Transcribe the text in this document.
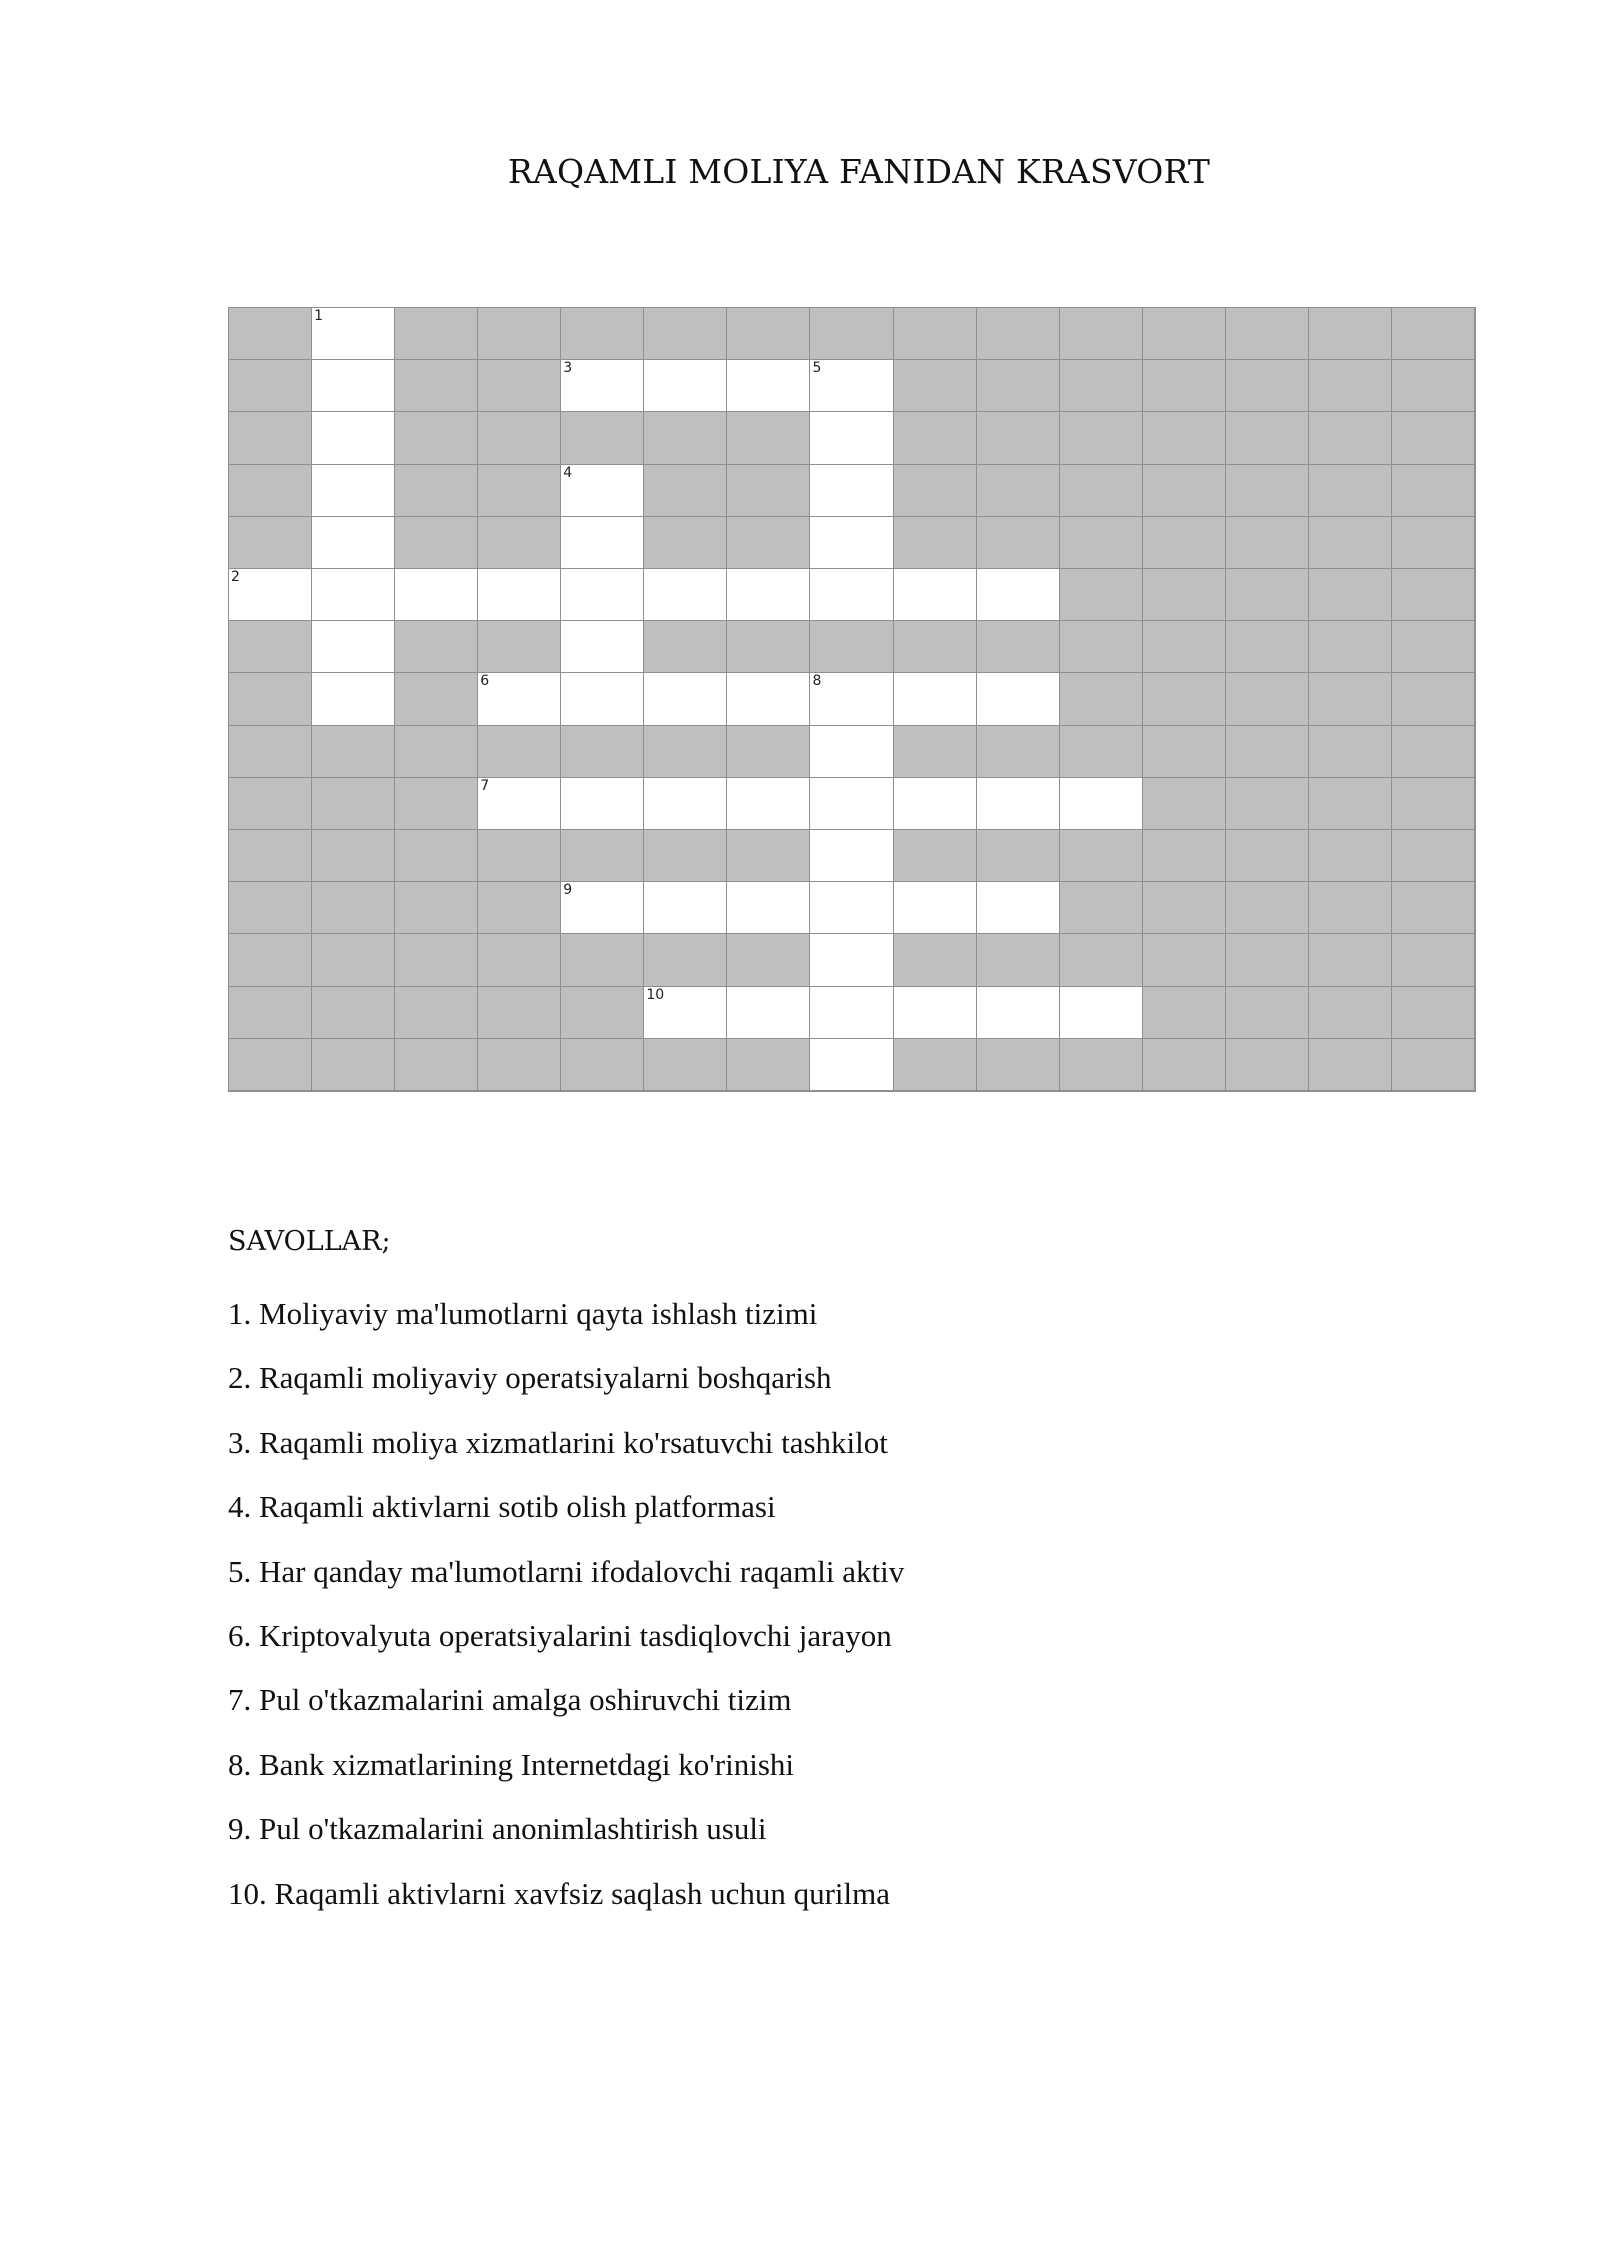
RAQAMLI MOLIYA FANIDAN KRASVORT
1
3	5
4
2
6	8
7
9
10
SAVOLLAR;
1. Moliyaviy ma'lumotlarni qayta ishlash tizimi
2. Raqamli moliyaviy operatsiyalarni boshqarish
3. Raqamli moliya xizmatlarini ko'rsatuvchi tashkilot
4. Raqamli aktivlarni sotib olish platformasi
5. Har qanday ma'lumotlarni ifodalovchi raqamli aktiv
6. Kriptovalyuta operatsiyalarini tasdiqlovchi jarayon
7. Pul o'tkazmalarini amalga oshiruvchi tizim
8. Bank xizmatlarining Internetdagi ko'rinishi
9. Pul o'tkazmalarini anonimlashtirish usuli
10. Raqamli aktivlarni xavfsiz saqlash uchun qurilma
